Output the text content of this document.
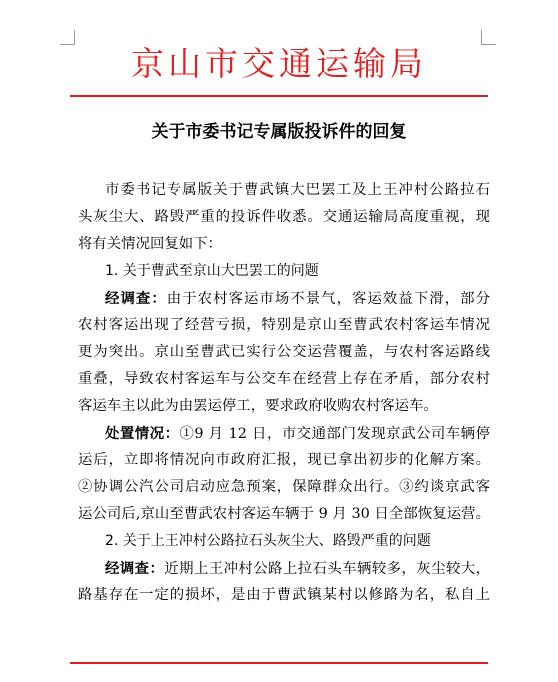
京山市交通运输局
关于市委书记专属版投诉件的回复
市委书记专属版关于曹武镇大巴罢工及上王冲村公路拉石
头灰尘大、路毁严重的投诉件收悉。交通运输局高度重视，现
将有关情况回复如下：
1. 关于曹武至京山大巴罢工的问题
经调查：由于农村客运市场不景气，客运效益下滑，部分
农村客运出现了经营亏损，特别是京山至曹武农村客运车情况
更为突出。京山至曹武已实行公交运营覆盖，与农村客运路线
重叠，导致农村客运车与公交车在经营上存在矛盾，部分农村
客运车主以此为由罢运停工，要求政府收购农村客运车。
处置情况：①9 月 12 日，市交通部门发现京武公司车辆停
运后，立即将情况向市政府汇报，现已拿出初步的化解方案。
②协调公汽公司启动应急预案，保障群众出行。③约谈京武客
运公司后,京山至曹武农村客运车辆于 9 月 30 日全部恢复运营。
2. 关于上王冲村公路拉石头灰尘大、路毁严重的问题
经调查：近期上王冲村公路上拉石头车辆较多，灰尘较大，
路基存在一定的损坏，是由于曹武镇某村以修路为名，私自上
